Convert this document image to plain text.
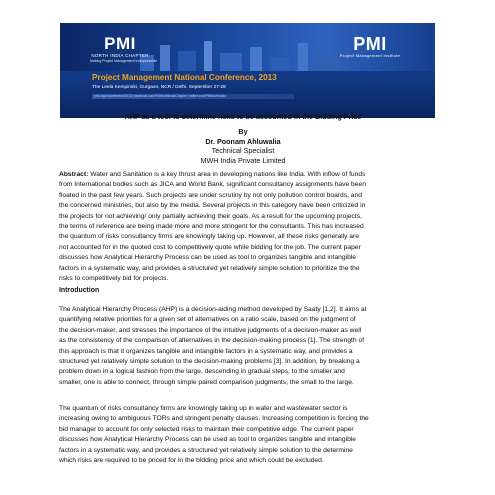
PMI
NORTH INDIA CHAPTER
Making Project Management Indispensable
PMI
Project Management Institute
Project Management National Conference, 2013
The Leela Kempinski, Gurgaon, NCR / Delhi. September 27-28
pmi.org.in/conference2013 | facebook.com/PMINorthIndiaChapter | twitter.com/PMINorthIndia
AHP as a tool to determine risks to be accounted in the Bidding Price
By
Dr. Poonam Ahluwalia
Technical Specialist
MWH India Private Limited
Abstract: Water and Sanitation is a key thrust area in developing nations like India. With inflow of funds
from International bodies such as JICA and World Bank, significant consultancy assignments have been
floated in the past few years. Such projects are under scrutiny by not only pollution control boards, and
the concerned ministries, but also by the media. Several projects in this category have been criticized in
the projects for not achieving/ only partially achieving their goals. As a result for the upcoming projects,
the terms of reference are being made more and more stringent for the consultants. This has increased
the quantum of risks consultancy firms are knowingly taking up. However, all these risks generally are
not accounted for in the quoted cost to competitively quote while bidding for the job. The current paper
discusses how Analytical Hierarchy Process can be used as tool to organizes tangible and intangible
factors in a systematic way, and provides a structured yet relatively simple solution to prioritize the the
risks to competitively bid for projects.
Introduction
The Analytical Hierarchy Process (AHP) is a decision-aiding method developed by Saaty [1,2]. It aims at
quantifying relative priorities for a given set of alternatives on a ratio scale, based on the judgment of
the decision-maker, and stresses the importance of the intuitive judgments of a decision-maker as well
as the consistency of the comparison of alternatives in the decision-making process [1]. The strength of
this approach is that it organizes tangible and intangible factors in a systematic way, and provides a
structured yet relatively simple solution to the decision-making problems [3]. In addition, by breaking a
problem down in a logical fashion from the large, descending in gradual steps, to the smaller and
smaller, one is able to connect, through simple paired comparison judgments, the small to the large.
The quantum of risks consultancy firms are knowingly taking up in water and wastewater sector is
increasing owing to ambiguous TORs and stringent penalty clauses. Increasing competition is forcing the
bid manager to account for only selected risks to maintain their competitive edge. The current paper
discusses how Analytical Hierarchy Process can be used as tool to organizes tangible and intangible
factors in a systematic way, and provides a structured yet relatively simple solution to the determine
which risks are required to be priced for in the bidding price and which could be excluded.
